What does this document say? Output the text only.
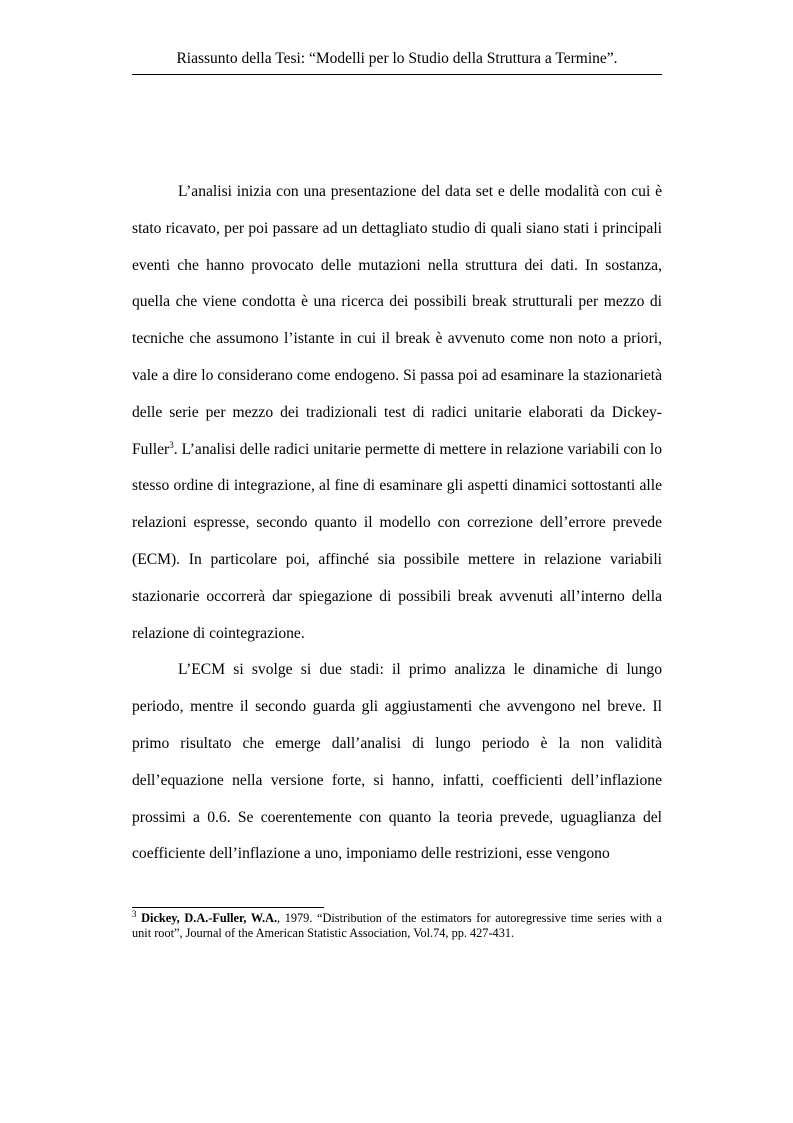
Riassunto della Tesi: “Modelli per lo Studio della Struttura a Termine”.

L’analisi inizia con una presentazione del data set e delle modalità con cui è stato ricavato, per poi passare ad un dettagliato studio di quali siano stati i principali eventi che hanno provocato delle mutazioni nella struttura dei dati. In sostanza, quella che viene condotta è una ricerca dei possibili break strutturali per mezzo di tecniche che assumono l’istante in cui il break è avvenuto come non noto a priori, vale a dire lo considerano come endogeno. Si passa poi ad esaminare la stazionarietà delle serie per mezzo dei tradizionali test di radici unitarie elaborati da Dickey-Fuller$^3$. L’analisi delle radici unitarie permette di mettere in relazione variabili con lo stesso ordine di integrazione, al fine di esaminare gli aspetti dinamici sottostanti alle relazioni espresse, secondo quanto il modello con correzione dell’errore prevede (ECM). In particolare poi, affinché sia possibile mettere in relazione variabili stazionarie occorrerà dar spiegazione di possibili break avvenuti all’interno della relazione di cointegrazione.

L’ECM si svolge si due stadi: il primo analizza le dinamiche di lungo periodo, mentre il secondo guarda gli aggiustamenti che avvengono nel breve. Il primo risultato che emerge dall’analisi di lungo periodo è la non validità dell’equazione nella versione forte, si hanno, infatti, coefficienti dell’inflazione prossimi a 0.6. Se coerentemente con quanto la teoria prevede, uguaglianza del coefficiente dell’inflazione a uno, imponiamo delle restrizioni, esse vengono

$^3$ Dickey, D.A.-Fuller, W.A., 1979. “Distribution of the estimators for autoregressive time series with a unit root”, Journal of the American Statistic Association, Vol.74, pp. 427-431.
